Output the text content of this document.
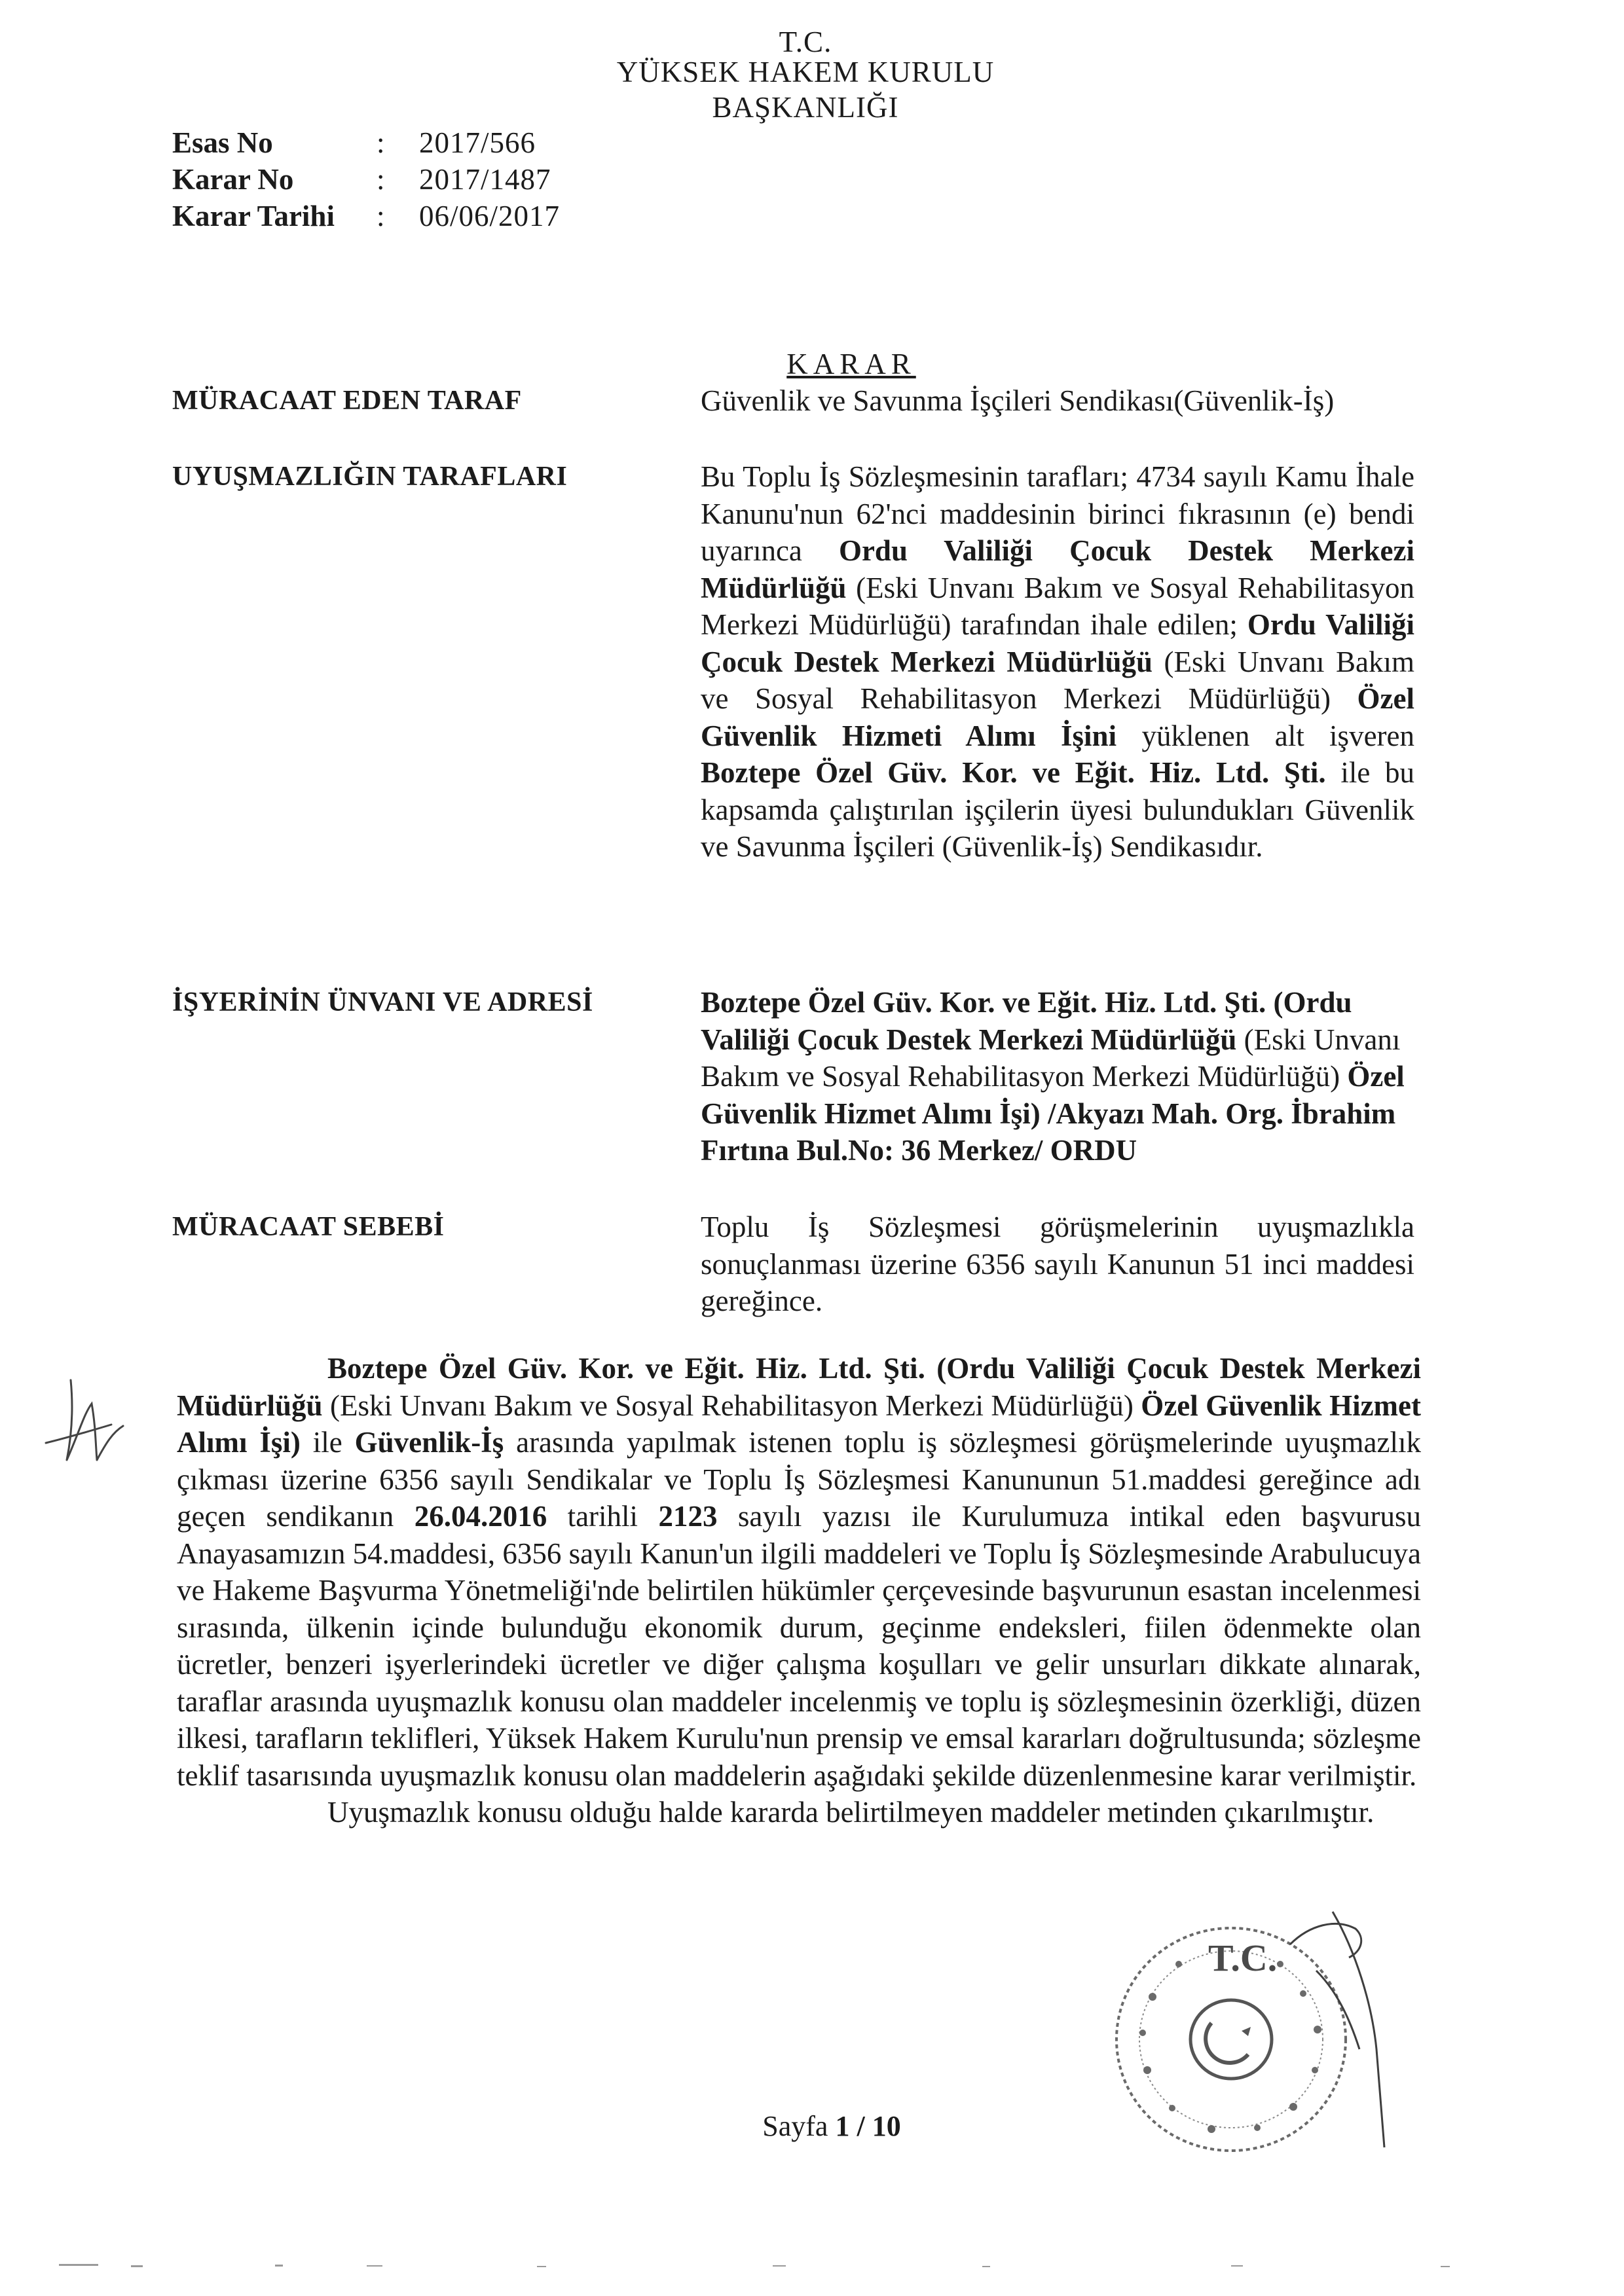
T.C.
YÜKSEK HAKEM KURULU
BAŞKANLIĞI
Esas No	: 2017/566
Karar No	: 2017/1487
Karar Tarihi : 06/06/2017
KARAR
MÜRACAAT EDEN TARAF	Güvenlik ve Savunma İşçileri Sendikası(Güvenlik-İş)
UYUŞMAZLIĞIN TARAFLARI	Bu Toplu İş Sözleşmesinin tarafları; 4734 sayılı Kamu İhale Kanunu'nun 62'nci maddesinin birinci fıkrasının (e) bendi uyarınca Ordu Valiliği Çocuk Destek Merkezi Müdürlüğü (Eski Unvanı Bakım ve Sosyal Rehabilitasyon Merkezi Müdürlüğü) tarafından ihale edilen; Ordu Valiliği Çocuk Destek Merkezi Müdürlüğü (Eski Unvanı Bakım ve Sosyal Rehabilitasyon Merkezi Müdürlüğü) Özel Güvenlik Hizmeti Alımı İşini yüklenen alt işveren Boztepe Özel Güv. Kor. ve Eğit. Hiz. Ltd. Şti. ile bu kapsamda çalıştırılan işçilerin üyesi bulundukları Güvenlik ve Savunma İşçileri (Güvenlik-İş) Sendikasıdır.
İŞYERİNİN ÜNVANI VE ADRESİ	Boztepe Özel Güv. Kor. ve Eğit. Hiz. Ltd. Şti. (Ordu Valiliği Çocuk Destek Merkezi Müdürlüğü (Eski Unvanı Bakım ve Sosyal Rehabilitasyon Merkezi Müdürlüğü) Özel Güvenlik Hizmet Alımı İşi) /Akyazı Mah. Org. İbrahim Fırtına Bul.No: 36 Merkez/ ORDU
MÜRACAAT SEBEBİ	Toplu İş Sözleşmesi görüşmelerinin uyuşmazlıkla sonuçlanması üzerine 6356 sayılı Kanunun 51 inci maddesi gereğince.

Boztepe Özel Güv. Kor. ve Eğit. Hiz. Ltd. Şti. (Ordu Valiliği Çocuk Destek Merkezi Müdürlüğü (Eski Unvanı Bakım ve Sosyal Rehabilitasyon Merkezi Müdürlüğü) Özel Güvenlik Hizmet Alımı İşi) ile Güvenlik-İş arasında yapılmak istenen toplu iş sözleşmesi görüşmelerinde uyuşmazlık çıkması üzerine 6356 sayılı Sendikalar ve Toplu İş Sözleşmesi Kanununun 51.maddesi gereğince adı geçen sendikanın 26.04.2016 tarihli 2123 sayılı yazısı ile Kurulumuza intikal eden başvurusu Anayasamızın 54.maddesi, 6356 sayılı Kanun'un ilgili maddeleri ve Toplu İş Sözleşmesinde Arabulucuya ve Hakeme Başvurma Yönetmeliği'nde belirtilen hükümler çerçevesinde başvurunun esastan incelenmesi sırasında, ülkenin içinde bulunduğu ekonomik durum, geçinme endeksleri, fiilen ödenmekte olan ücretler, benzeri işyerlerindeki ücretler ve diğer çalışma koşulları ve gelir unsurları dikkate alınarak, taraflar arasında uyuşmazlık konusu olan maddeler incelenmiş ve toplu iş sözleşmesinin özerkliği, düzen ilkesi, tarafların teklifleri, Yüksek Hakem Kurulu'nun prensip ve emsal kararları doğrultusunda; sözleşme teklif tasarısında uyuşmazlık konusu olan maddelerin aşağıdaki şekilde düzenlenmesine karar verilmiştir.

Uyuşmazlık konusu olduğu halde kararda belirtilmeyen maddeler metinden çıkarılmıştır.

T.C.
Sayfa 1 / 10
